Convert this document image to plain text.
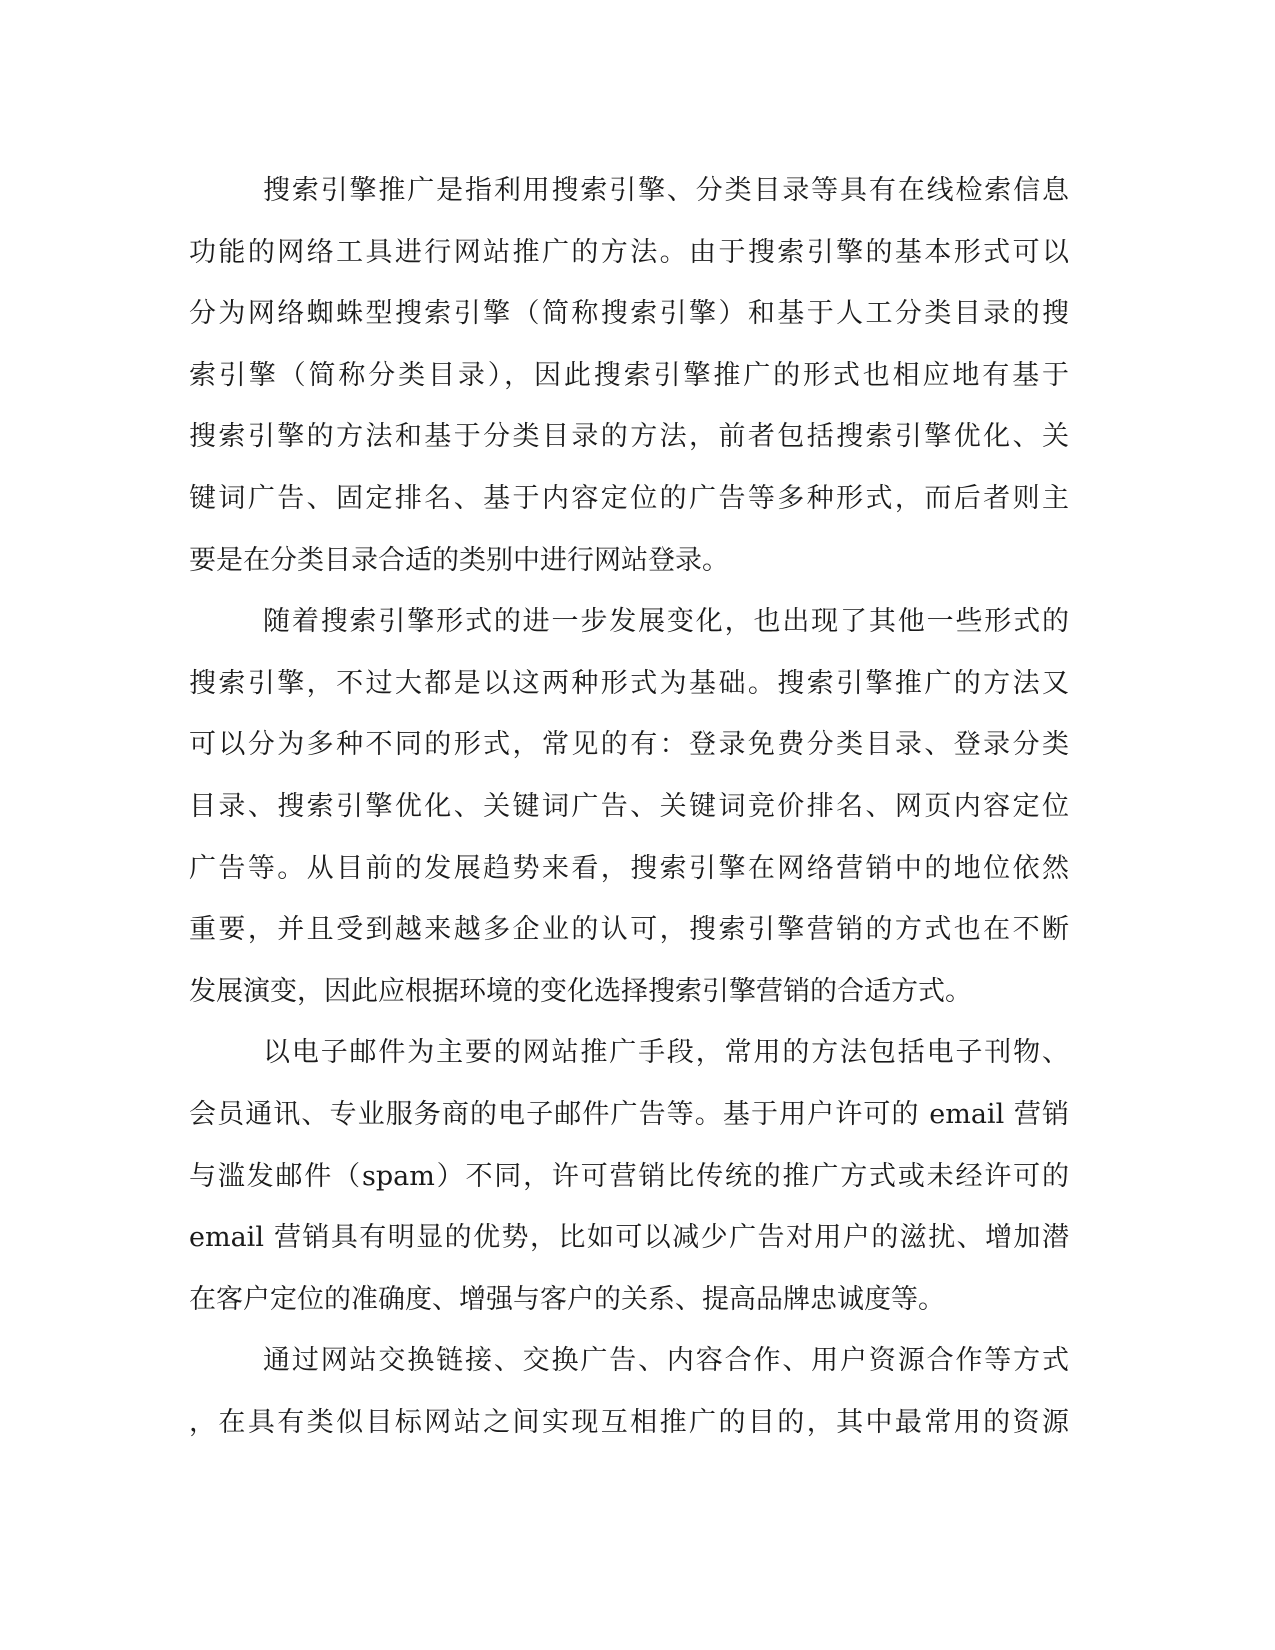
搜索引擎推广是指利用搜索引擎、分类目录等具有在线检索信息
功能的网络工具进行网站推广的方法。由于搜索引擎的基本形式可以
分为网络蜘蛛型搜索引擎（简称搜索引擎）和基于人工分类目录的搜
索引擎（简称分类目录），因此搜索引擎推广的形式也相应地有基于
搜索引擎的方法和基于分类目录的方法，前者包括搜索引擎优化、关
键词广告、固定排名、基于内容定位的广告等多种形式，而后者则主
要是在分类目录合适的类别中进行网站登录。
随着搜索引擎形式的进一步发展变化，也出现了其他一些形式的
搜索引擎，不过大都是以这两种形式为基础。搜索引擎推广的方法又
可以分为多种不同的形式，常见的有：登录免费分类目录、登录分类
目录、搜索引擎优化、关键词广告、关键词竞价排名、网页内容定位
广告等。从目前的发展趋势来看，搜索引擎在网络营销中的地位依然
重要，并且受到越来越多企业的认可，搜索引擎营销的方式也在不断
发展演变，因此应根据环境的变化选择搜索引擎营销的合适方式。
以电子邮件为主要的网站推广手段，常用的方法包括电子刊物、
会员通讯、专业服务商的电子邮件广告等。基于用户许可的 email 营销
与滥发邮件（spam）不同，许可营销比传统的推广方式或未经许可的
email 营销具有明显的优势，比如可以减少广告对用户的滋扰、增加潜
在客户定位的准确度、增强与客户的关系、提高品牌忠诚度等。
通过网站交换链接、交换广告、内容合作、用户资源合作等方式
，在具有类似目标网站之间实现互相推广的目的，其中最常用的资源
